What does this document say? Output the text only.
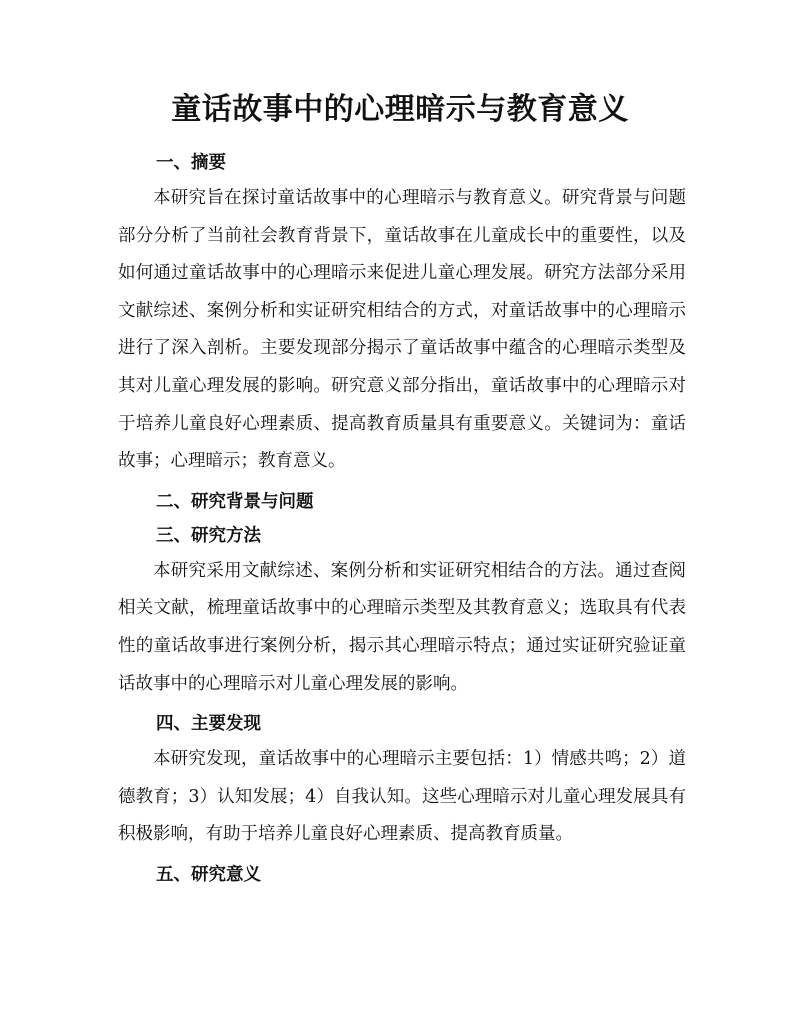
童话故事中的心理暗示与教育意义
一、摘要

本研究旨在探讨童话故事中的心理暗示与教育意义。研究背景与问题部分分析了当前社会教育背景下，童话故事在儿童成长中的重要性，以及如何通过童话故事中的心理暗示来促进儿童心理发展。研究方法部分采用文献综述、案例分析和实证研究相结合的方式，对童话故事中的心理暗示进行了深入剖析。主要发现部分揭示了童话故事中蕴含的心理暗示类型及其对儿童心理发展的影响。研究意义部分指出，童话故事中的心理暗示对于培养儿童良好心理素质、提高教育质量具有重要意义。关键词为：童话故事；心理暗示；教育意义。

二、研究背景与问题
三、研究方法

本研究采用文献综述、案例分析和实证研究相结合的方法。通过查阅相关文献，梳理童话故事中的心理暗示类型及其教育意义；选取具有代表性的童话故事进行案例分析，揭示其心理暗示特点；通过实证研究验证童话故事中的心理暗示对儿童心理发展的影响。

四、主要发现

本研究发现，童话故事中的心理暗示主要包括：1）情感共鸣；2）道德教育；3）认知发展；4）自我认知。这些心理暗示对儿童心理发展具有积极影响，有助于培养儿童良好心理素质、提高教育质量。

五、研究意义
